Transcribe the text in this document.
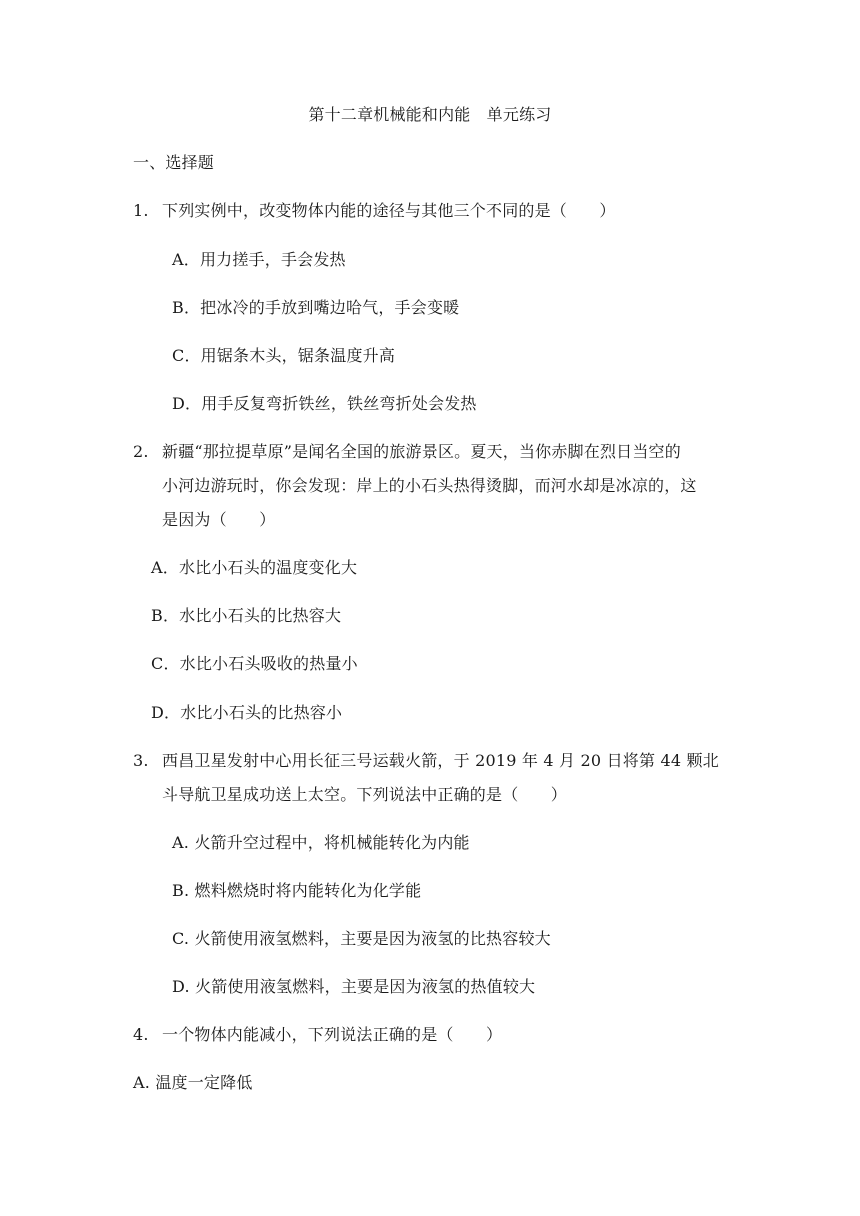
第十二章机械能和内能　单元练习
一、选择题
1. 下列实例中，改变物体内能的途径与其他三个不同的是（　　）
A．用力搓手，手会发热
B．把冰冷的手放到嘴边哈气，手会变暖
C．用锯条木头，锯条温度升高
D．用手反复弯折铁丝，铁丝弯折处会发热
2. 新疆“那拉提草原”是闻名全国的旅游景区。夏天，当你赤脚在烈日当空的
小河边游玩时，你会发现：岸上的小石头热得烫脚，而河水却是冰凉的，这
是因为（　　）
A．水比小石头的温度变化大
B．水比小石头的比热容大
C．水比小石头吸收的热量小
D．水比小石头的比热容小
3. 西昌卫星发射中心用长征三号运载火箭，于 2019 年 4 月 20 日将第 44 颗北
斗导航卫星成功送上太空。下列说法中正确的是（　　）
A. 火箭升空过程中，将机械能转化为内能
B. 燃料燃烧时将内能转化为化学能
C. 火箭使用液氢燃料，主要是因为液氢的比热容较大
D. 火箭使用液氢燃料，主要是因为液氢的热值较大
4. 一个物体内能减小，下列说法正确的是（　　）
A. 温度一定降低
